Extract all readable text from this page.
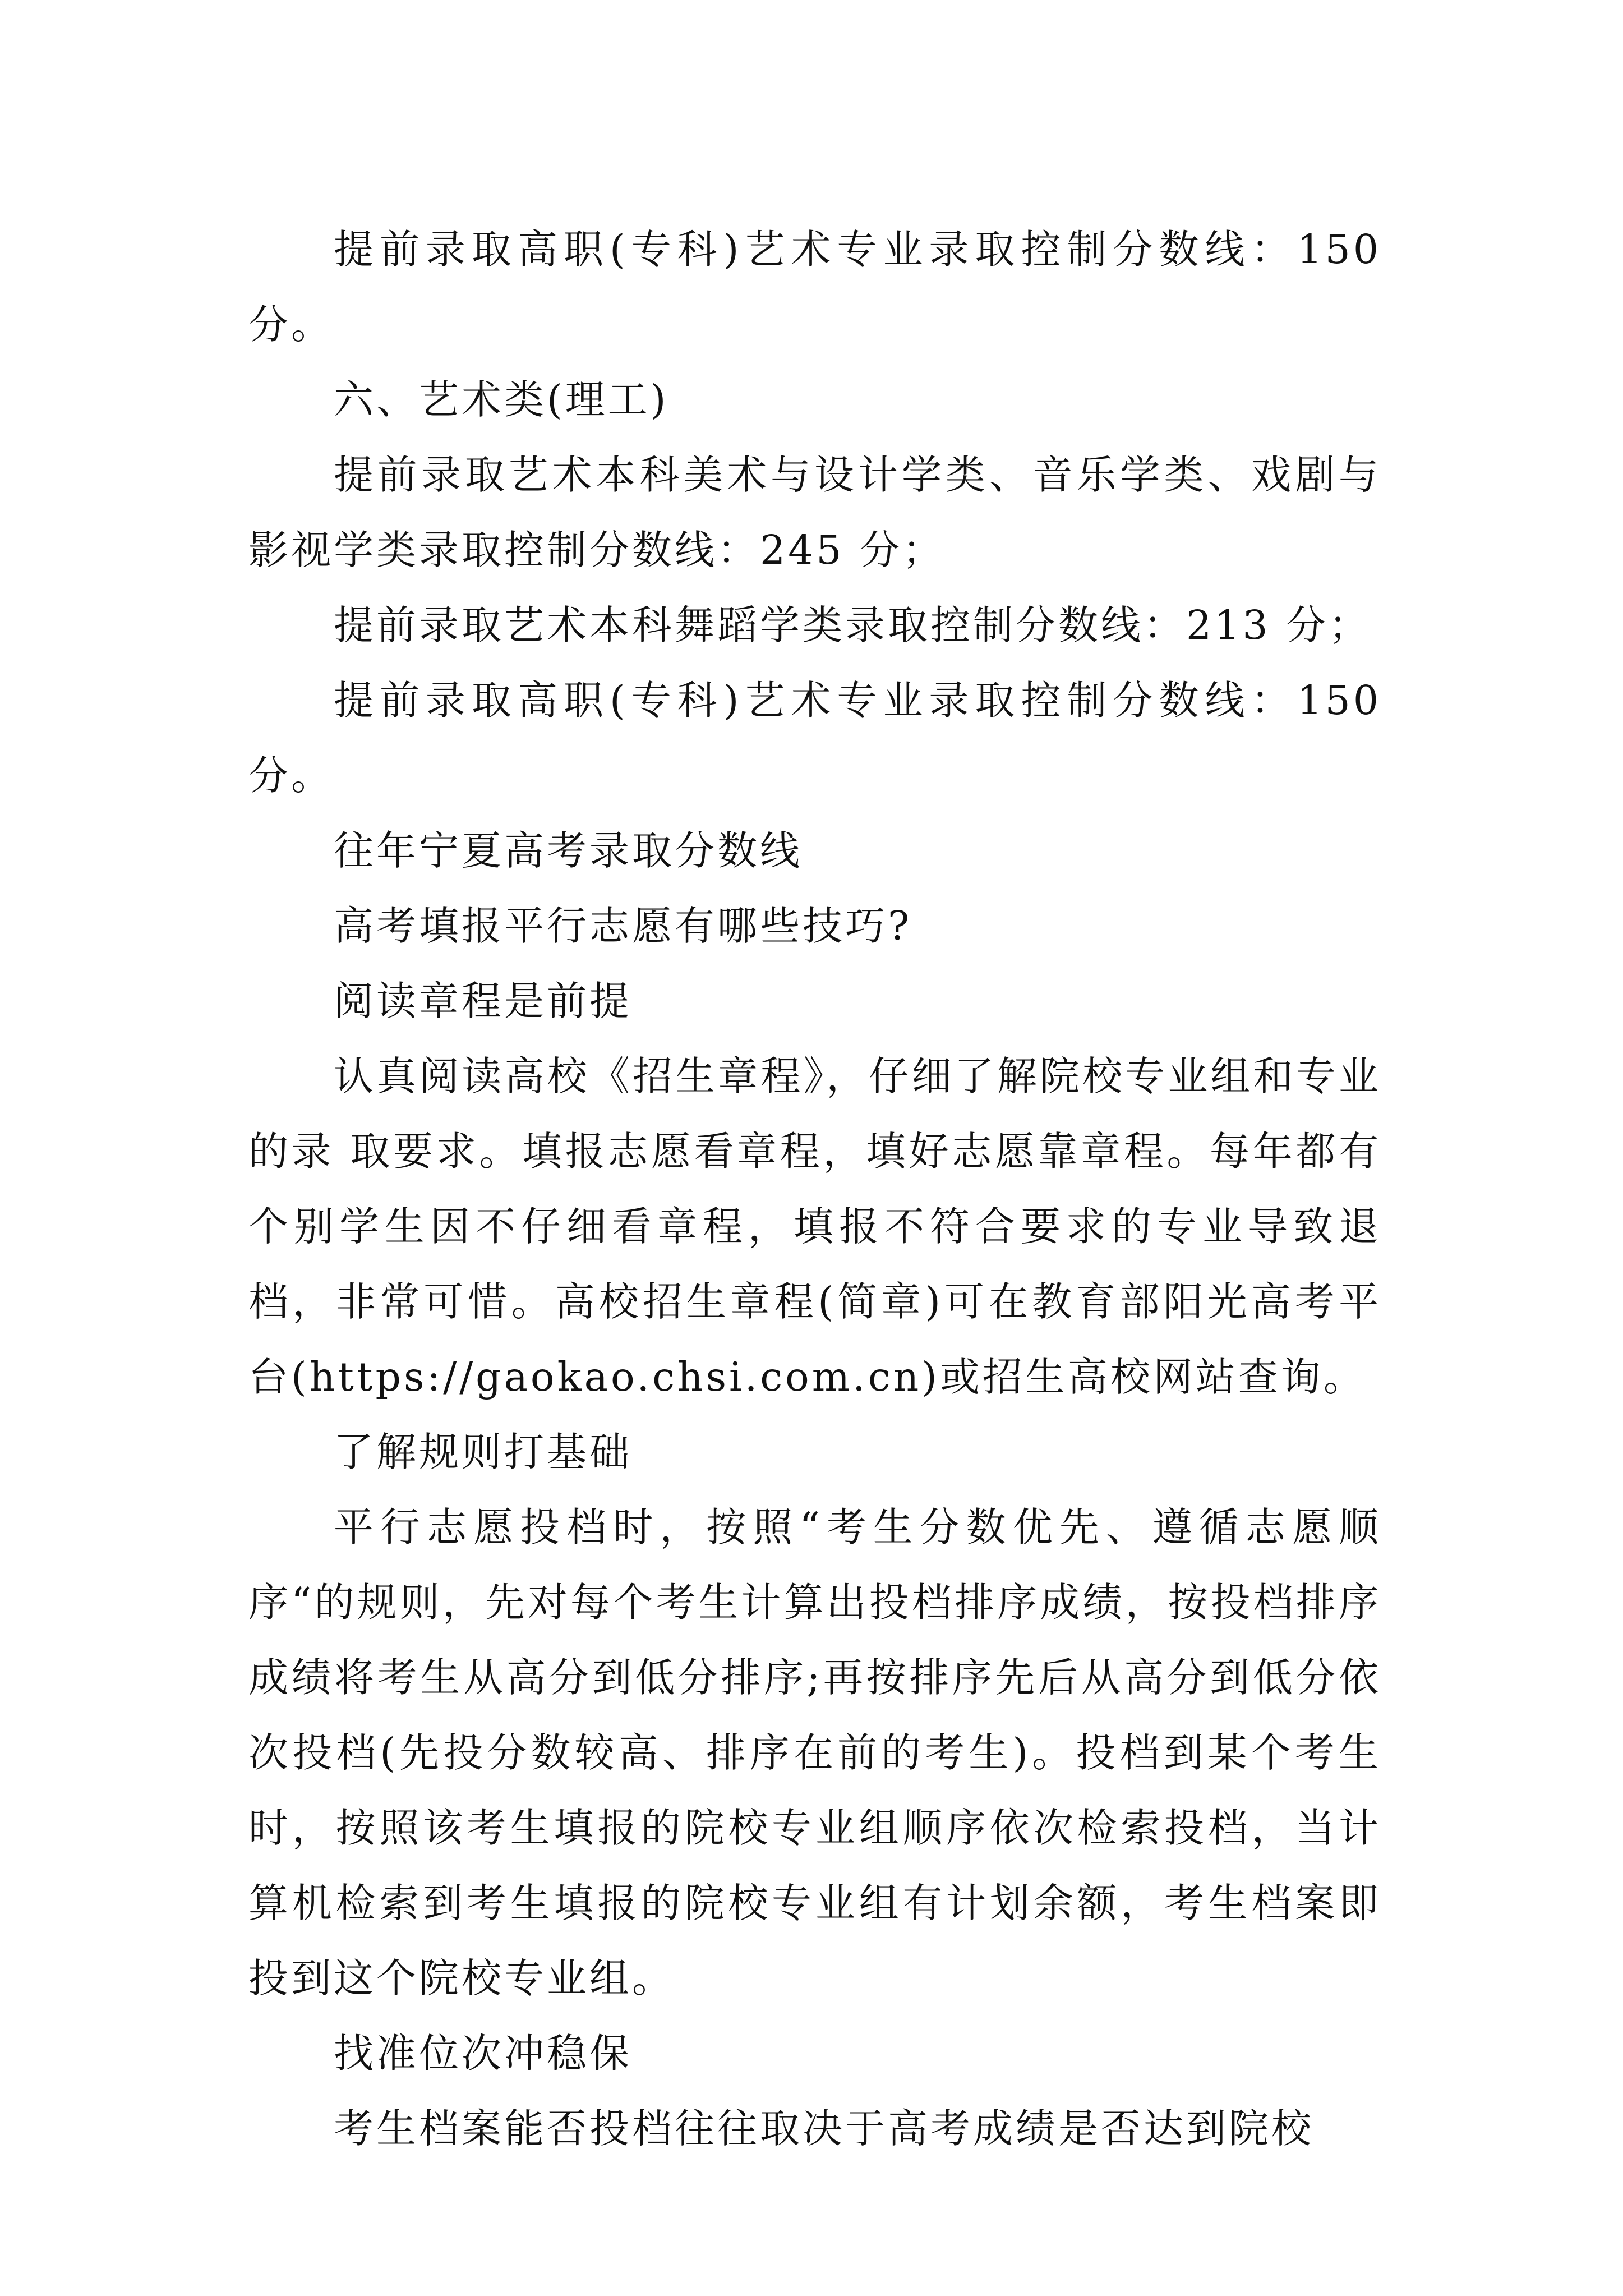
提前录取高职(专科)艺术专业录取控制分数线：150 分。

六、艺术类(理工)

提前录取艺术本科美术与设计学类、音乐学类、戏剧与影视学类录取控制分数线：245 分；

提前录取艺术本科舞蹈学类录取控制分数线：213 分；

提前录取高职(专科)艺术专业录取控制分数线：150 分。

往年宁夏高考录取分数线

高考填报平行志愿有哪些技巧?

阅读章程是前提

认真阅读高校《招生章程》，仔细了解院校专业组和专业的录 取要求。填报志愿看章程，填好志愿靠章程。每年都有个别学生因不仔细看章程，填报不符合要求的专业导致退档，非常可惜。高校招生章程(简章)可在教育部阳光高考平台(https://gaokao.chsi.com.cn)或招生高校网站查询。

了解规则打基础

平行志愿投档时，按照“考生分数优先、遵循志愿顺序“的规则，先对每个考生计算出投档排序成绩，按投档排序成绩将考生从高分到低分排序;再按排序先后从高分到低分依次投档(先投分数较高、排序在前的考生)。投档到某个考生时，按照该考生填报的院校专业组顺序依次检索投档，当计算机检索到考生填报的院校专业组有计划余额，考生档案即投到这个院校专业组。

找准位次冲稳保

考生档案能否投档往往取决于高考成绩是否达到院校
